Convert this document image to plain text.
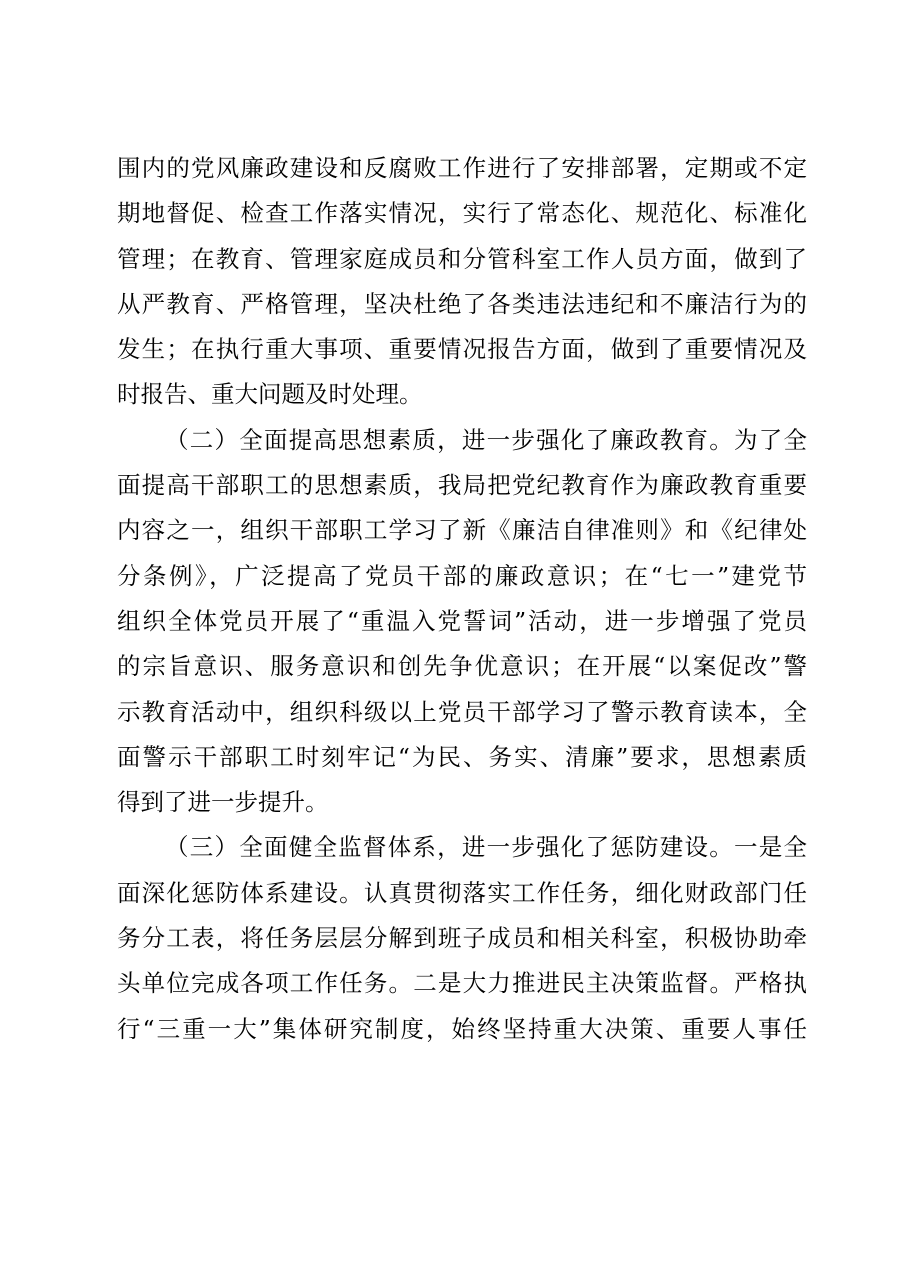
围内的党风廉政建设和反腐败工作进行了安排部署，定期或不定
期地督促、检查工作落实情况，实行了常态化、规范化、标准化
管理；在教育、管理家庭成员和分管科室工作人员方面，做到了
从严教育、严格管理，坚决杜绝了各类违法违纪和不廉洁行为的
发生；在执行重大事项、重要情况报告方面，做到了重要情况及
时报告、重大问题及时处理。
（二）全面提高思想素质，进一步强化了廉政教育。为了全
面提高干部职工的思想素质，我局把党纪教育作为廉政教育重要
内容之一，组织干部职工学习了新《廉洁自律准则》和《纪律处
分条例》，广泛提高了党员干部的廉政意识；在“七一”建党节
组织全体党员开展了“重温入党誓词”活动，进一步增强了党员
的宗旨意识、服务意识和创先争优意识；在开展“以案促改”警
示教育活动中，组织科级以上党员干部学习了警示教育读本，全
面警示干部职工时刻牢记“为民、务实、清廉”要求，思想素质
得到了进一步提升。
（三）全面健全监督体系，进一步强化了惩防建设。一是全
面深化惩防体系建设。认真贯彻落实工作任务，细化财政部门任
务分工表，将任务层层分解到班子成员和相关科室，积极协助牵
头单位完成各项工作任务。二是大力推进民主决策监督。严格执
行“三重一大”集体研究制度，始终坚持重大决策、重要人事任
